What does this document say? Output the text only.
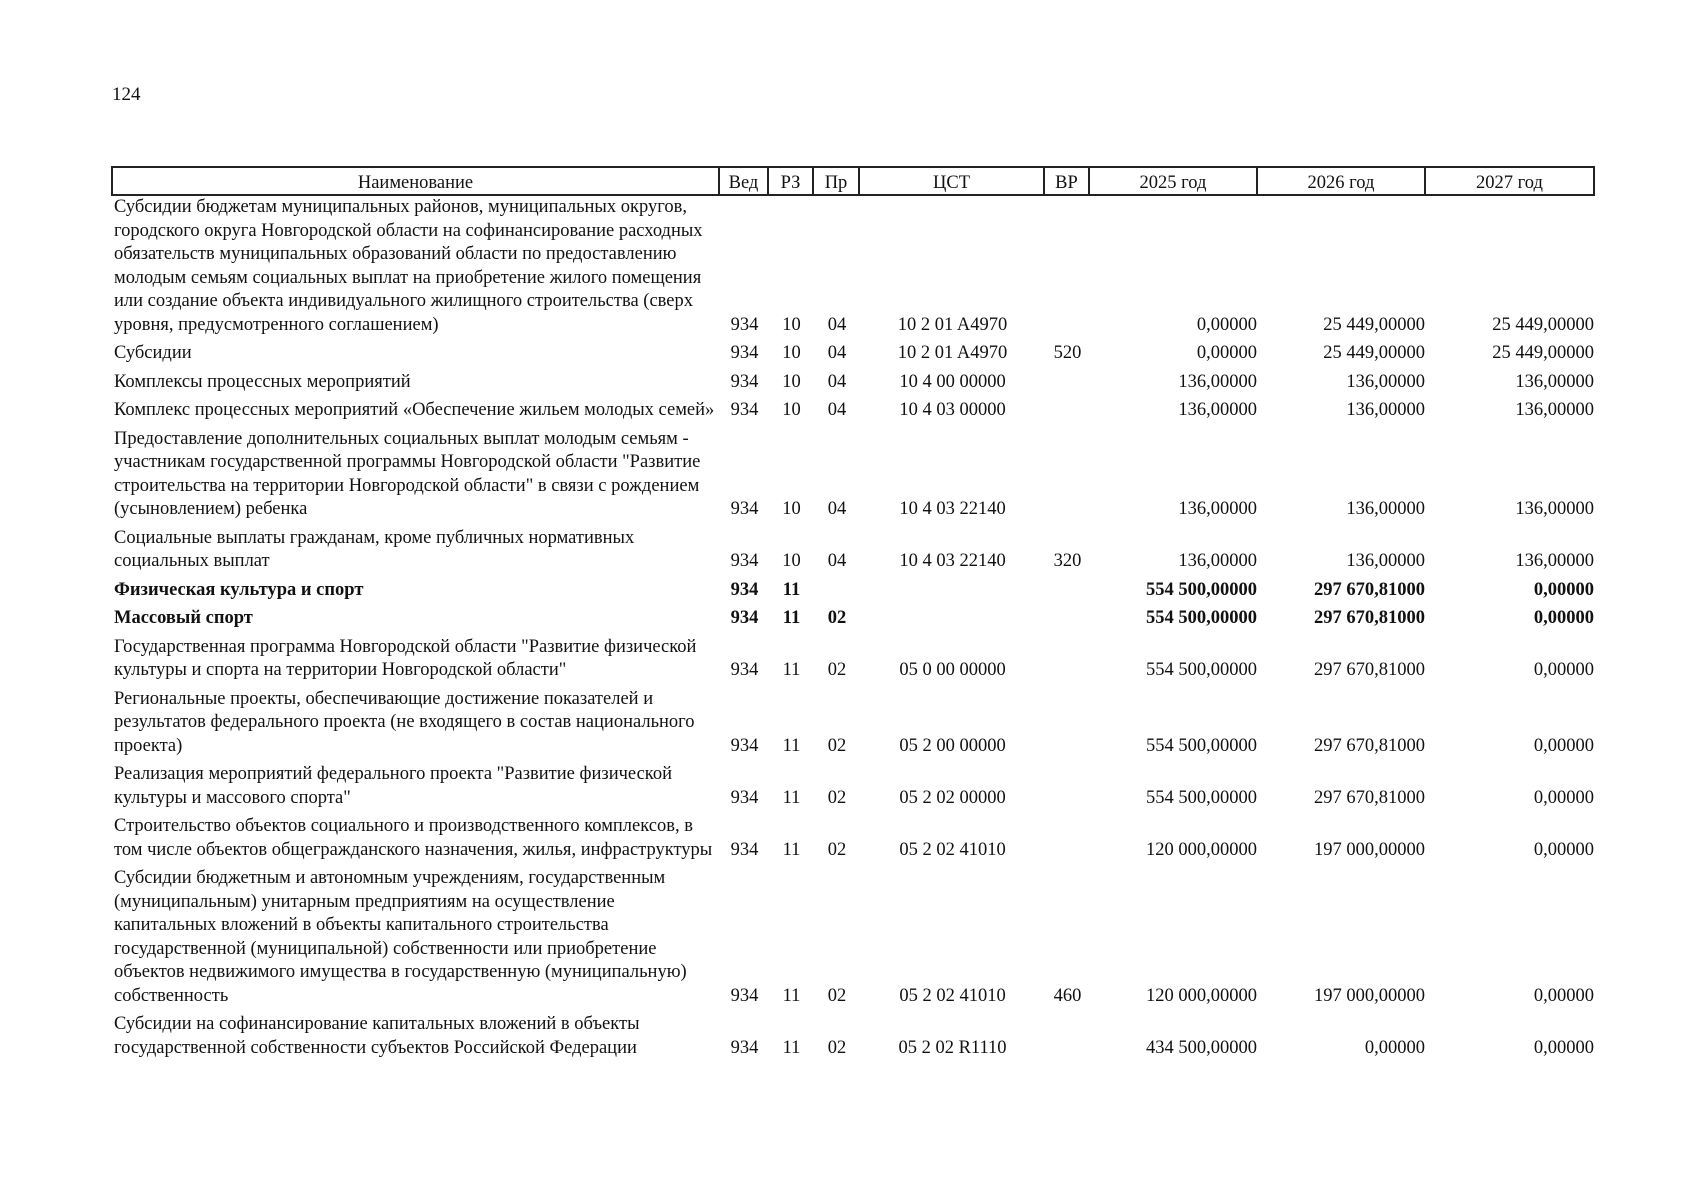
124
Наименование	Вед	РЗ	Пр	ЦСТ	ВР	2025 год	2026 год	2027 год
Субсидии бюджетам муниципальных районов, муниципальных округов, городского округа Новгородской области на софинансирование расходных обязательств муниципальных образований области по предоставлению молодым семьям социальных выплат на приобретение жилого помещения или создание объекта индивидуального жилищного строительства (сверх уровня, предусмотренного соглашением)	934	10	04	10 2 01 A4970		0,00000	25 449,00000	25 449,00000
Субсидии	934	10	04	10 2 01 A4970	520	0,00000	25 449,00000	25 449,00000
Комплексы процессных мероприятий	934	10	04	10 4 00 00000		136,00000	136,00000	136,00000
Комплекс процессных мероприятий «Обеспечение жильем молодых семей»	934	10	04	10 4 03 00000		136,00000	136,00000	136,00000
Предоставление дополнительных социальных выплат молодым семьям - участникам государственной программы Новгородской области "Развитие строительства на территории Новгородской области" в связи с рождением (усыновлением) ребенка	934	10	04	10 4 03 22140		136,00000	136,00000	136,00000
Социальные выплаты гражданам, кроме публичных нормативных социальных выплат	934	10	04	10 4 03 22140	320	136,00000	136,00000	136,00000
Физическая культура и спорт	934	11				554 500,00000	297 670,81000	0,00000
Массовый спорт	934	11	02			554 500,00000	297 670,81000	0,00000
Государственная программа Новгородской области "Развитие физической культуры и спорта на территории Новгородской области"	934	11	02	05 0 00 00000		554 500,00000	297 670,81000	0,00000
Региональные проекты, обеспечивающие достижение показателей и результатов федерального проекта (не входящего в состав национального проекта)	934	11	02	05 2 00 00000		554 500,00000	297 670,81000	0,00000
Реализация мероприятий федерального проекта "Развитие физической культуры и массового спорта"	934	11	02	05 2 02 00000		554 500,00000	297 670,81000	0,00000
Строительство объектов социального и производственного комплексов, в том числе объектов общегражданского назначения, жилья, инфраструктуры	934	11	02	05 2 02 41010		120 000,00000	197 000,00000	0,00000
Субсидии бюджетным и автономным учреждениям, государственным (муниципальным) унитарным предприятиям на осуществление капитальных вложений в объекты капитального строительства государственной (муниципальной) собственности или приобретение объектов недвижимого имущества в государственную (муниципальную) собственность	934	11	02	05 2 02 41010	460	120 000,00000	197 000,00000	0,00000
Субсидии на софинансирование капитальных вложений в объекты государственной собственности субъектов Российской Федерации	934	11	02	05 2 02 R1110		434 500,00000	0,00000	0,00000
